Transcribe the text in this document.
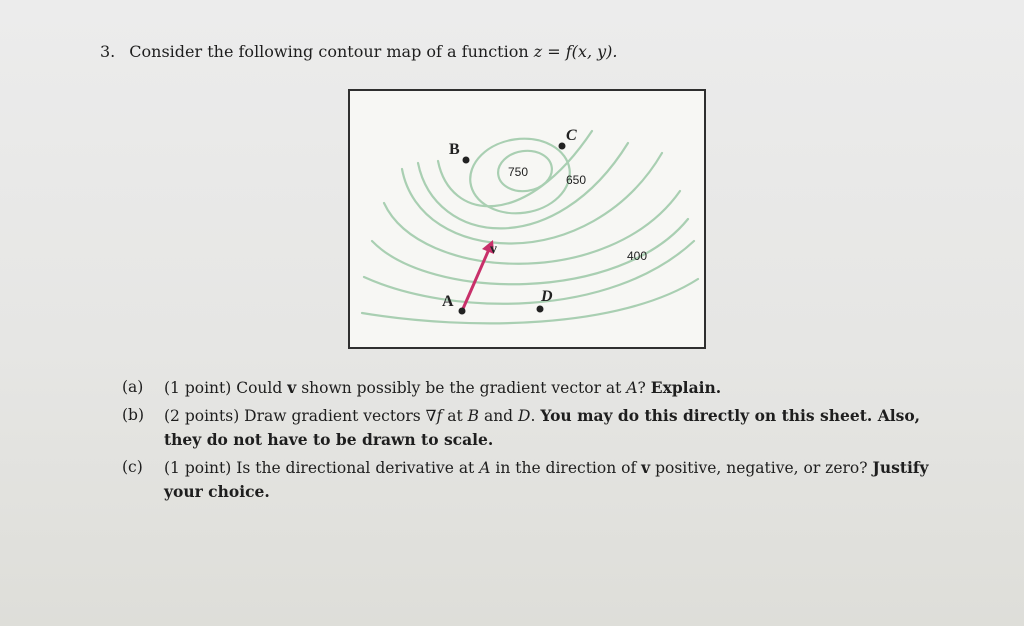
3. Consider the following contour map of a function z = f(x, y).
A
B
C
D
v
750
650
400
(a)	(1 point) Could v shown possibly be the gradient vector at A? Explain.
(b)	(2 points) Draw gradient vectors ∇f at B and D. You may do this directly on this sheet. Also, they do not have to be drawn to scale.
(c)	(1 point) Is the directional derivative at A in the direction of v positive, negative, or zero? Justify your choice.
